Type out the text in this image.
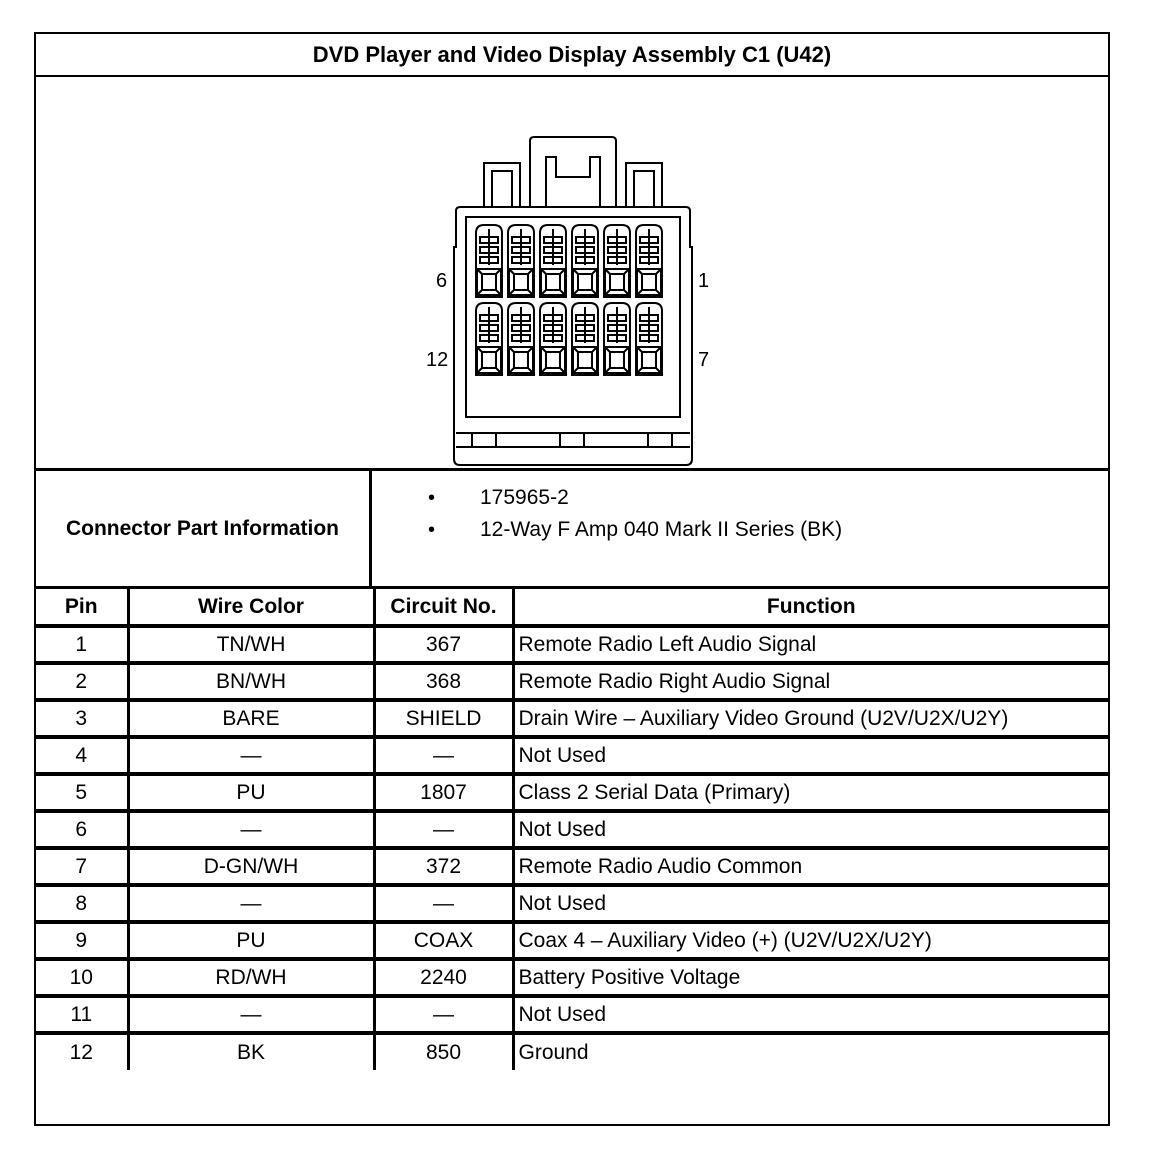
DVD Player and Video Display Assembly C1 (U42)
6	1
12	7
Connector Part Information
• 175965-2
• 12-Way F Amp 040 Mark II Series (BK)
Pin	Wire Color	Circuit No.	Function
1	TN/WH	367	Remote Radio Left Audio Signal
2	BN/WH	368	Remote Radio Right Audio Signal
3	BARE	SHIELD	Drain Wire – Auxiliary Video Ground (U2V/U2X/U2Y)
4	—	—	Not Used
5	PU	1807	Class 2 Serial Data (Primary)
6	—	—	Not Used
7	D-GN/WH	372	Remote Radio Audio Common
8	—	—	Not Used
9	PU	COAX	Coax 4 – Auxiliary Video (+) (U2V/U2X/U2Y)
10	RD/WH	2240	Battery Positive Voltage
11	—	—	Not Used
12	BK	850	Ground
